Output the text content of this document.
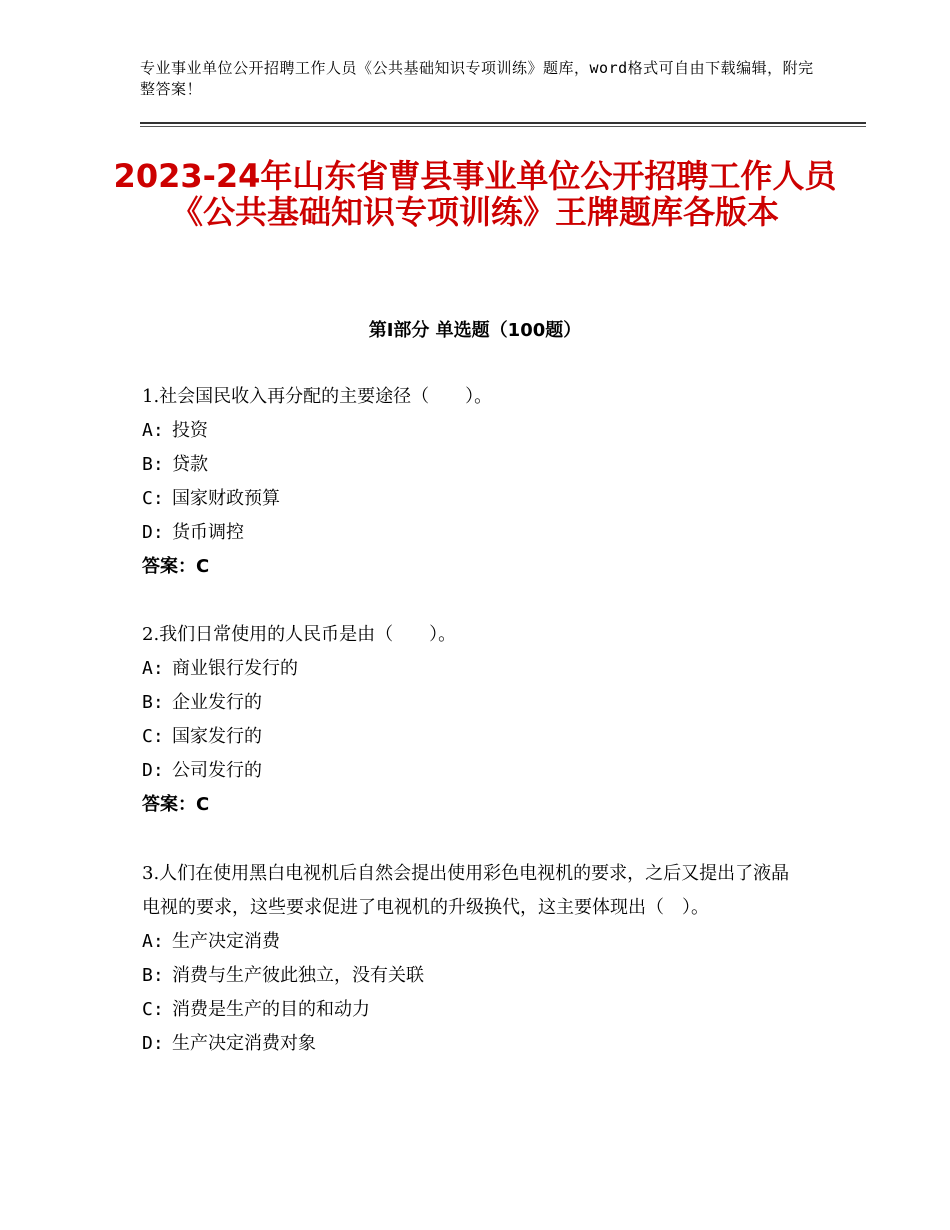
专业事业单位公开招聘工作人员《公共基础知识专项训练》题库，word格式可自由下载编辑，附完整答案！
2023-24年山东省曹县事业单位公开招聘工作人员《公共基础知识专项训练》王牌题库各版本
第Ⅰ部分 单选题（100题）
1.社会国民收入再分配的主要途径（　　）。
A: 投资
B: 贷款
C: 国家财政预算
D: 货币调控
答案：C
2.我们日常使用的人民币是由（　　）。
A: 商业银行发行的
B: 企业发行的
C: 国家发行的
D: 公司发行的
答案：C
3.人们在使用黑白电视机后自然会提出使用彩色电视机的要求，之后又提出了液晶电视的要求，这些要求促进了电视机的升级换代，这主要体现出（　）。
A: 生产决定消费
B: 消费与生产彼此独立，没有关联
C: 消费是生产的目的和动力
D: 生产决定消费对象
